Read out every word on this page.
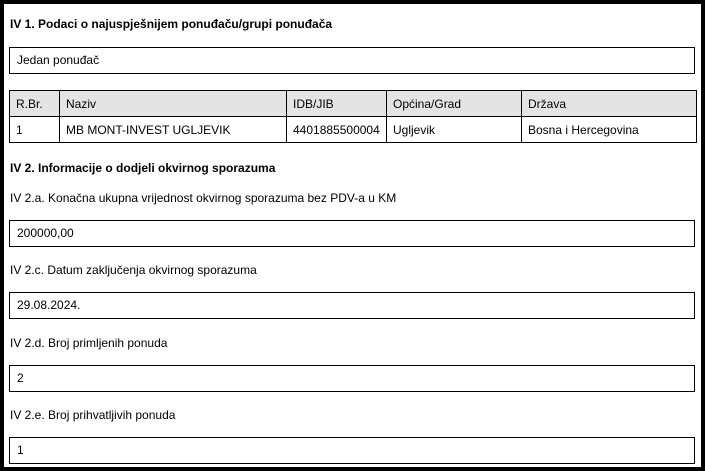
IV 1. Podaci o najuspješnijem ponuđaču/grupi ponuđača
Jedan ponuđač
R.Br.	Naziv	IDB/JIB	Općina/Grad	Država
1	MB MONT-INVEST UGLJEVIK	4401885500004	Ugljevik	Bosna i Hercegovina
IV 2. Informacije o dodjeli okvirnog sporazuma
IV 2.a. Konačna ukupna vrijednost okvirnog sporazuma bez PDV-a u KM
200000,00
IV 2.c. Datum zaključenja okvirnog sporazuma
29.08.2024.
IV 2.d. Broj primljenih ponuda
2
IV 2.e. Broj prihvatljivih ponuda
1
